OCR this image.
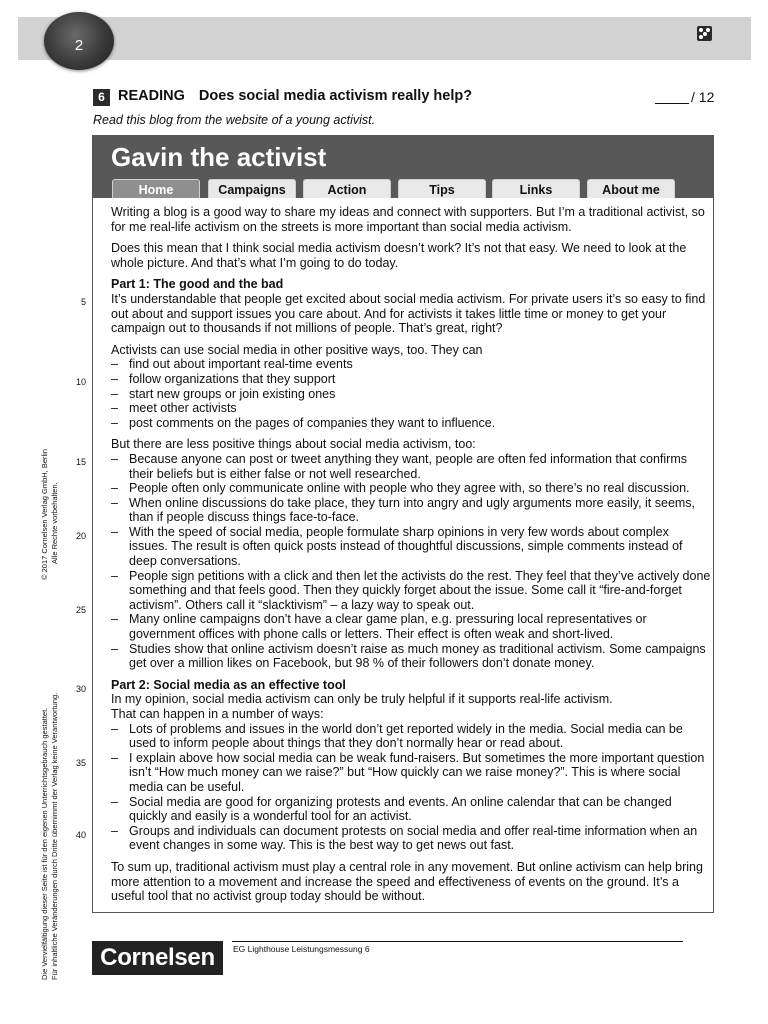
2
6 READING Does social media activism really help?	/ 12
Read this blog from the website of a young activist.
5
10
15
20
25
30
35
40
Gavin the activist
Home	Campaigns	Action	Tips	Links	About me

Writing a blog is a good way to share my ideas and connect with supporters. But I’m a traditional activist, so for me real-life activism on the streets is more important than social media activism.

Does this mean that I think social media activism doesn’t work? It’s not that easy. We need to look at the whole picture. And that’s what I’m going to do today.

Part 1: The good and the bad

It’s understandable that people get excited about social media activism. For private users it’s so easy to find out about and support issues you care about. And for activists it takes little time or money to get your campaign out to thousands if not millions of people. That’s great, right?

Activists can use social media in other positive ways, too. They can

– find out about important real-time events
– follow organizations that they support
– start new groups or join existing ones
– meet other activists
– post comments on the pages of companies they want to influence.

But there are less positive things about social media activism, too:

– Because anyone can post or tweet anything they want, people are often fed information that confirms their beliefs but is either false or not well researched.
– People often only communicate online with people who they agree with, so there’s no real discussion.
– When online discussions do take place, they turn into angry and ugly arguments more easily, it seems, than if people discuss things face-to-face.
– With the speed of social media, people formulate sharp opinions in very few words about complex issues. The result is often quick posts instead of thoughtful discussions, simple comments instead of deep conversations.
– People sign petitions with a click and then let the activists do the rest. They feel that they’ve actively done something and that feels good. Then they quickly forget about the issue. Some call it “fire-and-forget activism”. Others call it “slacktivism” – a lazy way to speak out.
– Many online campaigns don’t have a clear game plan, e.g. pressuring local representatives or government offices with phone calls or letters. Their effect is often weak and short-lived.
– Studies show that online activism doesn’t raise as much money as traditional activism. Some campaigns get over a million likes on Facebook, but 98 % of their followers don’t donate money.
Part 2: Social media as an effective tool

In my opinion, social media activism can only be truly helpful if it supports real-life activism.

That can happen in a number of ways:

– Lots of problems and issues in the world don’t get reported widely in the media. Social media can be used to inform people about things that they don’t normally hear or read about.
– I explain above how social media can be weak fund-raisers. But sometimes the more important question isn’t “How much money can we raise?” but “How quickly can we raise money?”. This is where social media can be useful.
– Social media are good for organizing protests and events. An online calendar that can be changed quickly and easily is a wonderful tool for an activist.
– Groups and individuals can document protests on social media and offer real-time information when an event changes in some way. This is the best way to get news out fast.

To sum up, traditional activism must play a central role in any movement. But online activism can help bring more attention to a movement and increase the speed and effectiveness of events on the ground. It’s a useful tool that no activist group today should be without.

© 2017 Cornelsen Verlag GmbH, Berlin Alle Rechte vorbehalten.
Die Vervielfältigung dieser Seite ist für den eigenen Unterrichtsgebrauch gestattet. Für inhaltliche Veränderungen durch Dritte übernimmt der Verlag keine Verantwortung.	Cornelsen	EG Lighthouse Leistungsmessung 6
